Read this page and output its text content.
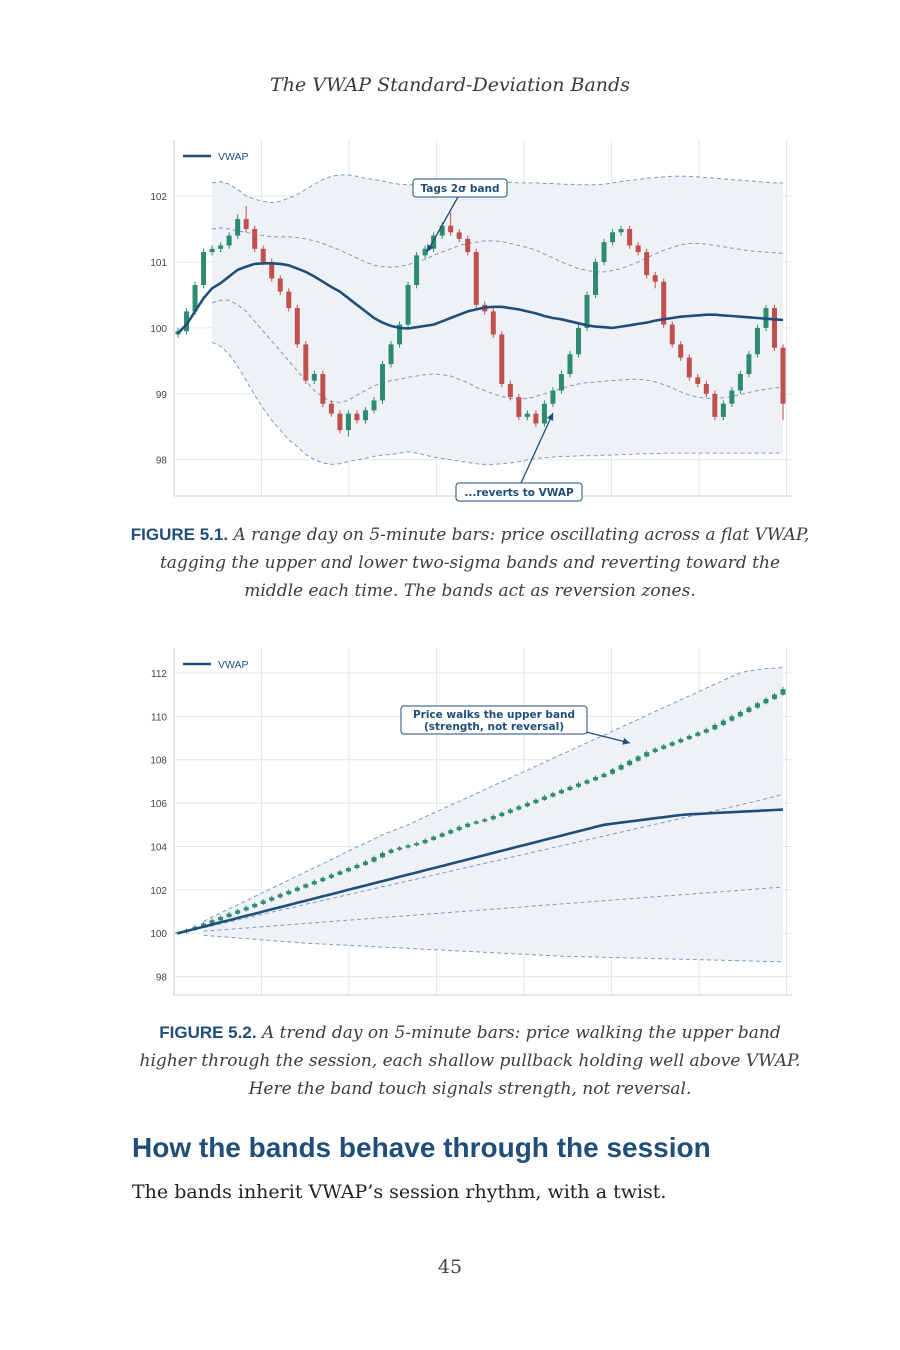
The VWAP Standard-Deviation Bands
98
99
100
101
102
VWAP
Tags 2σ band
...reverts to VWAP
FIGURE 5.1. A range day on 5-minute bars: price oscillating across a flat VWAP, tagging the upper and lower two-sigma bands and reverting toward the middle each time. The bands act as reversion zones.
98
100
102
104
106
108
110
112
VWAP
Price walks the upper band
(strength, not reversal)
FIGURE 5.2. A trend day on 5-minute bars: price walking the upper band higher through the session, each shallow pullback holding well above VWAP. Here the band touch signals strength, not reversal.
How the bands behave through the session

The bands inherit VWAP’s session rhythm, with a twist.

45
